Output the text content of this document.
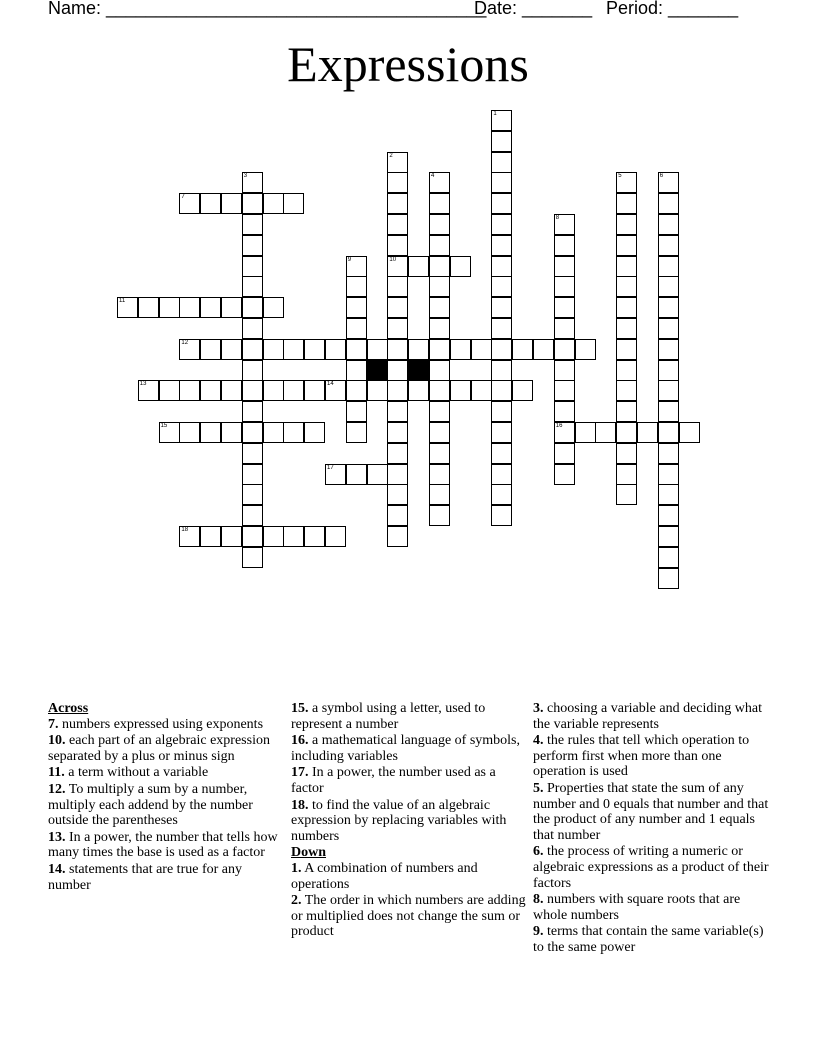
Name: ______________________________________
Date: _______ Period: _______
Expressions
1
2
10
3	4	5	6
7
8
16
9
11
12
13	14
15
17
18
Across
7. numbers expressed using exponents
10. each part of an algebraic expression separated by a plus or minus sign
11. a term without a variable
12. To multiply a sum by a number, multiply each addend by the number outside the parentheses
13. In a power, the number that tells how many times the base is used as a factor
14. statements that are true for any number
15. a symbol using a letter, used to represent a number
16. a mathematical language of symbols, including variables
17. In a power, the number used as a factor
18. to find the value of an algebraic expression by replacing variables with numbers
Down
1. A combination of numbers and operations
2. The order in which numbers are adding or multiplied does not change the sum or product
3. choosing a variable and deciding what the variable represents
4. the rules that tell which operation to perform first when more than one operation is used
5. Properties that state the sum of any number and 0 equals that number and that the product of any number and 1 equals that number
6. the process of writing a numeric or algebraic expressions as a product of their factors
8. numbers with square roots that are whole numbers
9. terms that contain the same variable(s) to the same power
